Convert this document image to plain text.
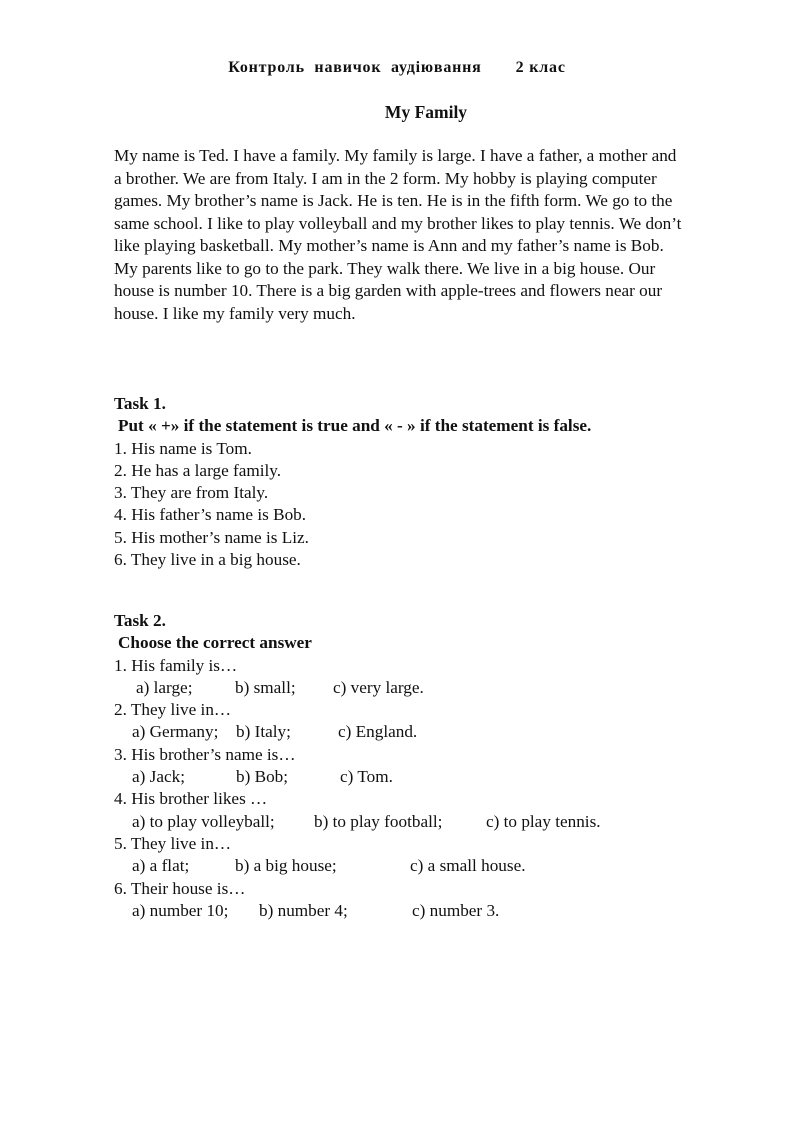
Контроль  навичок  аудіювання 2 клас
My Family

My name is Ted. I have a family. My family is large. I have a father, a mother and

a brother. We are from Italy. I am in the 2 form. My hobby is playing computer

games. My brother’s name is Jack. He is ten. He is in the fifth form. We go to the

same school. I like to play volleyball and my brother likes to play tennis. We don’t

like playing basketball. My mother’s name is Ann and my father’s name is Bob.

My parents like to go to the park. They walk there. We live in a big house. Our

house is number 10. There is a big garden with apple-trees and flowers near our

house. I like my family very much.

Task 1.

Put « +» if the statement is true and « - » if the statement is false.

1. His name is Tom.

2. He has a large family.

3. They are from Italy.

4. His father’s name is Bob.

5. His mother’s name is Liz.

6. They live in a big house.

Task 2.

Choose the correct answer

1. His family is…

a) large; b) small; c) very large.

2. They live in…

a) Germany; b) Italy;	c) England.

3. His brother’s name is…

a) Jack;	b) Bob;	c) Tom.

4. His brother likes …

a) to play volleyball; b) to play football;	c) to play tennis.

5. They live in…

a) a flat;	b) a big house;	c) a small house.

6. Their house is…

a) number 10; b) number 4;	c) number 3.
